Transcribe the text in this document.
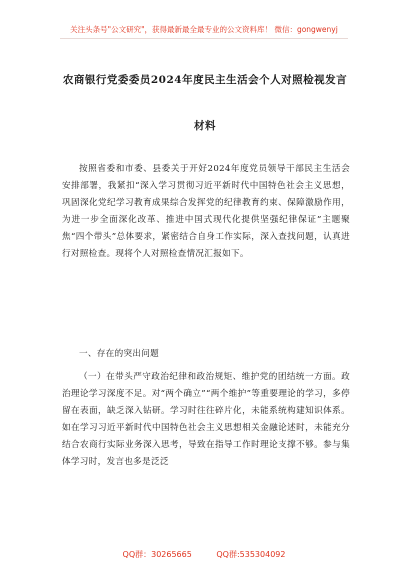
关注头条号"公文研究"，获得最新最全最专业的公文资料库！ 微信：gongwenyj
农商银行党委委员2024年度民主生活会个人对照检视发言
材料

按照省委和市委、县委关于开好2024年度党员领导干部民主生活会安排部署，我紧扣“深入学习贯彻习近平新时代中国特色社会主义思想，巩固深化党纪学习教育成果综合发挥党的纪律教育约束、保障激励作用，为进一步全面深化改革、推进中国式现代化提供坚强纪律保证”主题聚焦“四个带头”总体要求，紧密结合自身工作实际，深入查找问题，认真进行对照检查。现将个人对照检查情况汇报如下。

一、存在的突出问题

（一）在带头严守政治纪律和政治规矩、维护党的团结统一方面。政治理论学习深度不足。对“两个确立”“两个维护”等重要理论的学习，多停留在表面，缺乏深入钻研。学习时往往碎片化，未能系统构建知识体系。如在学习习近平新时代中国特色社会主义思想相关金融论述时，未能充分结合农商行实际业务深入思考，导致在指导工作时理论支撑不够。参与集体学习时，发言也多是泛泛

QQ群：30265665	QQ群:535304092
